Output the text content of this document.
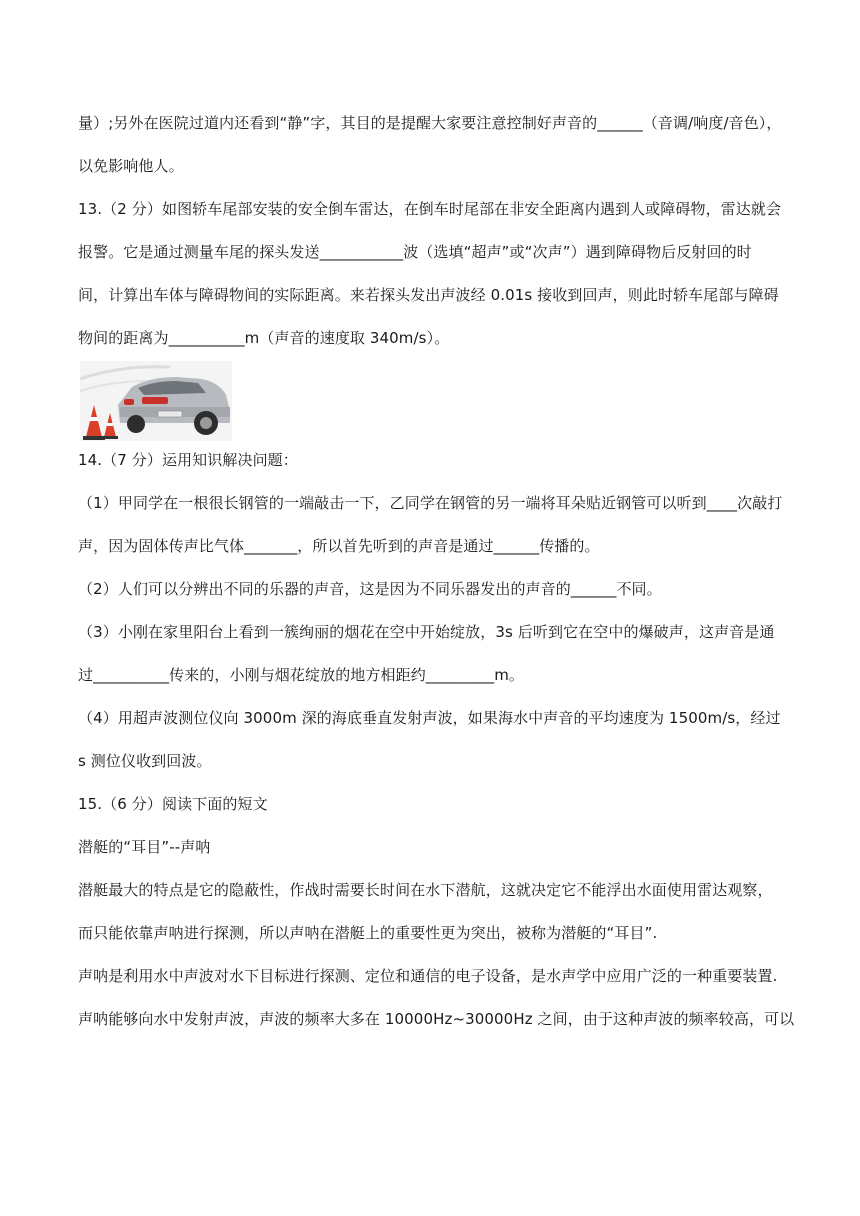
量）;另外在医院过道内还看到“静”字，其目的是提醒大家要注意控制好声音的______（音调/响度/音色），

以免影响他人。

13.（2 分）如图轿车尾部安装的安全倒车雷达，在倒车时尾部在非安全距离内遇到人或障碍物，雷达就会

报警。它是通过测量车尾的探头发送___________波（选填“超声”或“次声”）遇到障碍物后反射回的时

间，计算出车体与障碍物间的实际距离。来若探头发出声波经 0.01s 接收到回声，则此时轿车尾部与障碍

物间的距离为__________m（声音的速度取 340m/s）。

14.（7 分）运用知识解决问题：

（1）甲同学在一根很长钢管的一端敲击一下，乙同学在钢管的另一端将耳朵贴近钢管可以听到____次敲打

声，因为固体传声比气体_______，所以首先听到的声音是通过______传播的。

（2）人们可以分辨出不同的乐器的声音，这是因为不同乐器发出的声音的______不同。

（3）小刚在家里阳台上看到一簇绚丽的烟花在空中开始绽放，3s 后听到它在空中的爆破声，这声音是通

过__________传来的，小刚与烟花绽放的地方相距约_________m。

（4）用超声波测位仪向 3000m 深的海底垂直发射声波，如果海水中声音的平均速度为 1500m/s，经过

s 测位仪收到回波。

15.（6 分）阅读下面的短文

潜艇的“耳目”--声呐

潜艇最大的特点是它的隐蔽性，作战时需要长时间在水下潜航，这就决定它不能浮出水面使用雷达观察，

而只能依靠声呐进行探测，所以声呐在潜艇上的重要性更为突出，被称为潜艇的“耳目”.

声呐是利用水中声波对水下目标进行探测、定位和通信的电子设备，是水声学中应用广泛的一种重要装置.

声呐能够向水中发射声波，声波的频率大多在 10000Hz~30000Hz 之间，由于这种声波的频率较高，可以
